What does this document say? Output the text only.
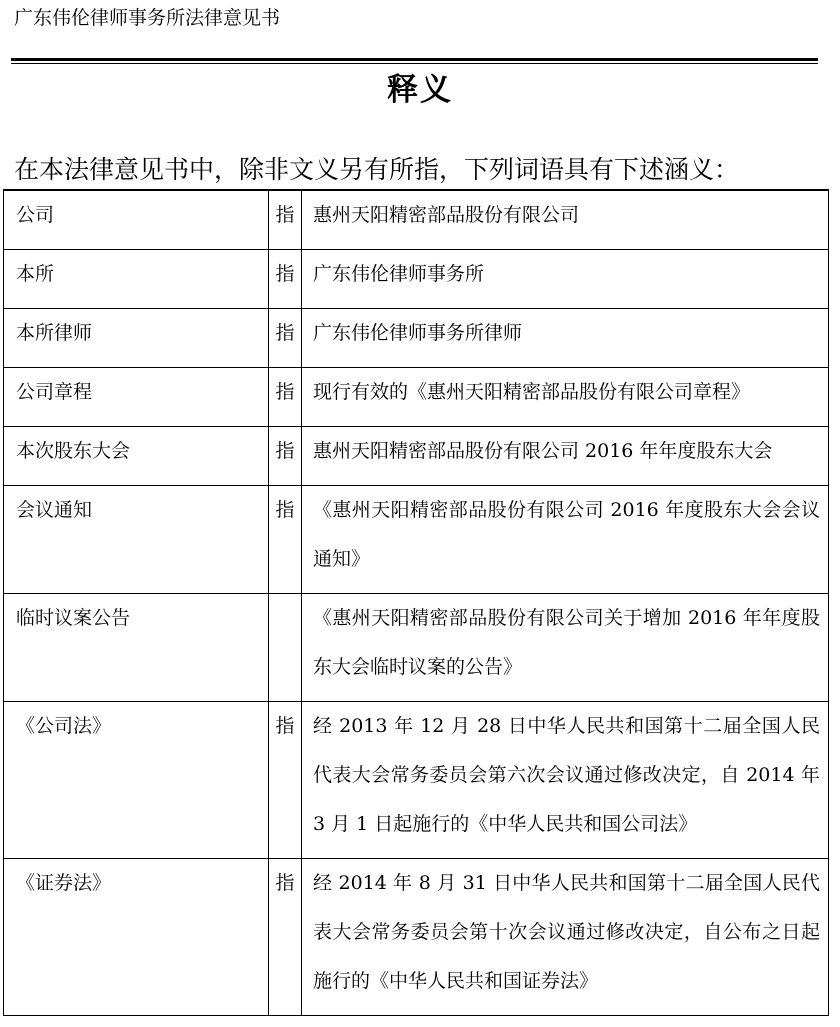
广东伟伦律师事务所法律意见书
释义
在本法律意见书中，除非文义另有所指，下列词语具有下述涵义：
公司	指	惠州天阳精密部品股份有限公司

本所	指	广东伟伦律师事务所

本所律师	指	广东伟伦律师事务所律师

公司章程	指	现行有效的《惠州天阳精密部品股份有限公司章程》

本次股东大会	指	惠州天阳精密部品股份有限公司 2016 年年度股东大会

会议通知	指	《惠州天阳精密部品股份有限公司 2016 年度股东大会会议通知》

临时议案公告		《惠州天阳精密部品股份有限公司关于增加 2016 年年度股东大会临时议案的公告》

《公司法》	指	经 2013 年 12 月 28 日中华人民共和国第十二届全国人民代表大会常务委员会第六次会议通过修改决定，自 2014 年 3 月 1 日起施行的《中华人民共和国公司法》

《证券法》	指	经 2014 年 8 月 31 日中华人民共和国第十二届全国人民代表大会常务委员会第十次会议通过修改决定，自公布之日起施行的《中华人民共和国证券法》
